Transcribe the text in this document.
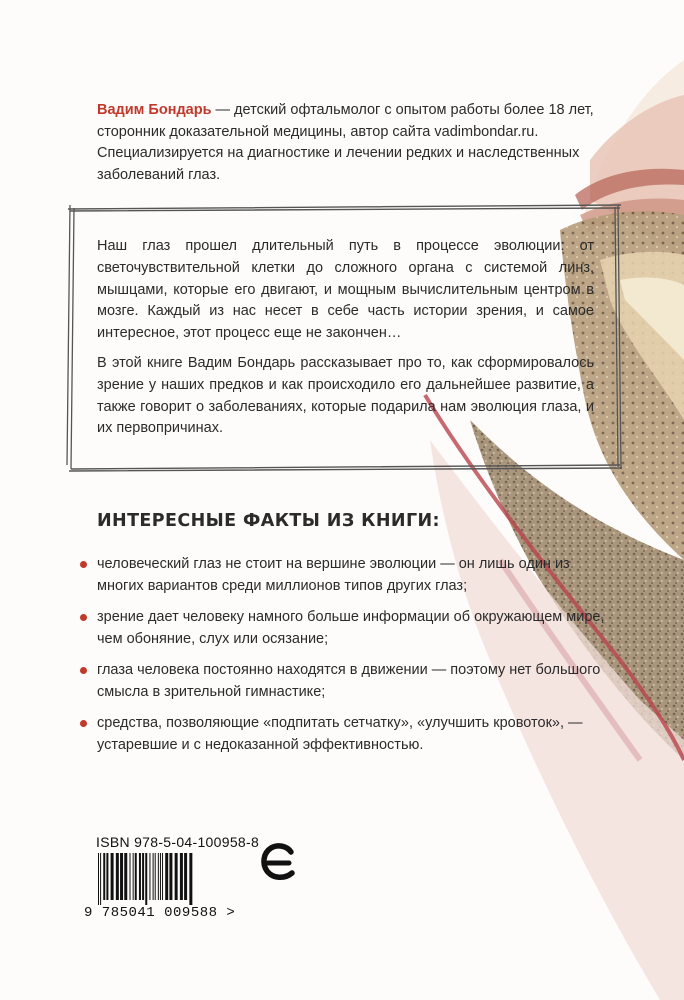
Вадим Бондарь — детский офтальмолог с опытом работы более 18 лет,
сторонник доказательной медицины, автор сайта vadimbondar.ru.
Специализируется на диагностике и лечении редких и наследственных
заболеваний глаз.

Наш глаз прошел длительный путь в процессе эволюции: от светочувствительной клетки до сложного органа с системой линз, мышцами, которые его двигают, и мощным вычислительным центром в мозге. Каждый из нас несет в себе часть истории зрения, и самое интересное, этот процесс еще не закончен…

В этой книге Вадим Бондарь рассказывает про то, как сформировалось зрение у наших предков и как происходило его дальнейшее развитие, а также говорит о заболеваниях, которые подарила нам эволюция глаза, и их первопричинах.

ИНТЕРЕСНЫЕ ФАКТЫ ИЗ КНИГИ:
человеческий глаз не стоит на вершине эволюции — он лишь один из многих вариантов среди миллионов типов других глаз;
зрение дает человеку намного больше информации об окружающем мире, чем обоняние, слух или осязание;
глаза человека постоянно находятся в движении — поэтому нет большого смысла в зрительной гимнастике;
средства, позволяющие «подпитать сетчатку», «улучшить кровоток», — устаревшие и с недоказанной эффективностью.
ISBN 978-5-04-100958-8
9 785041 009588 >
